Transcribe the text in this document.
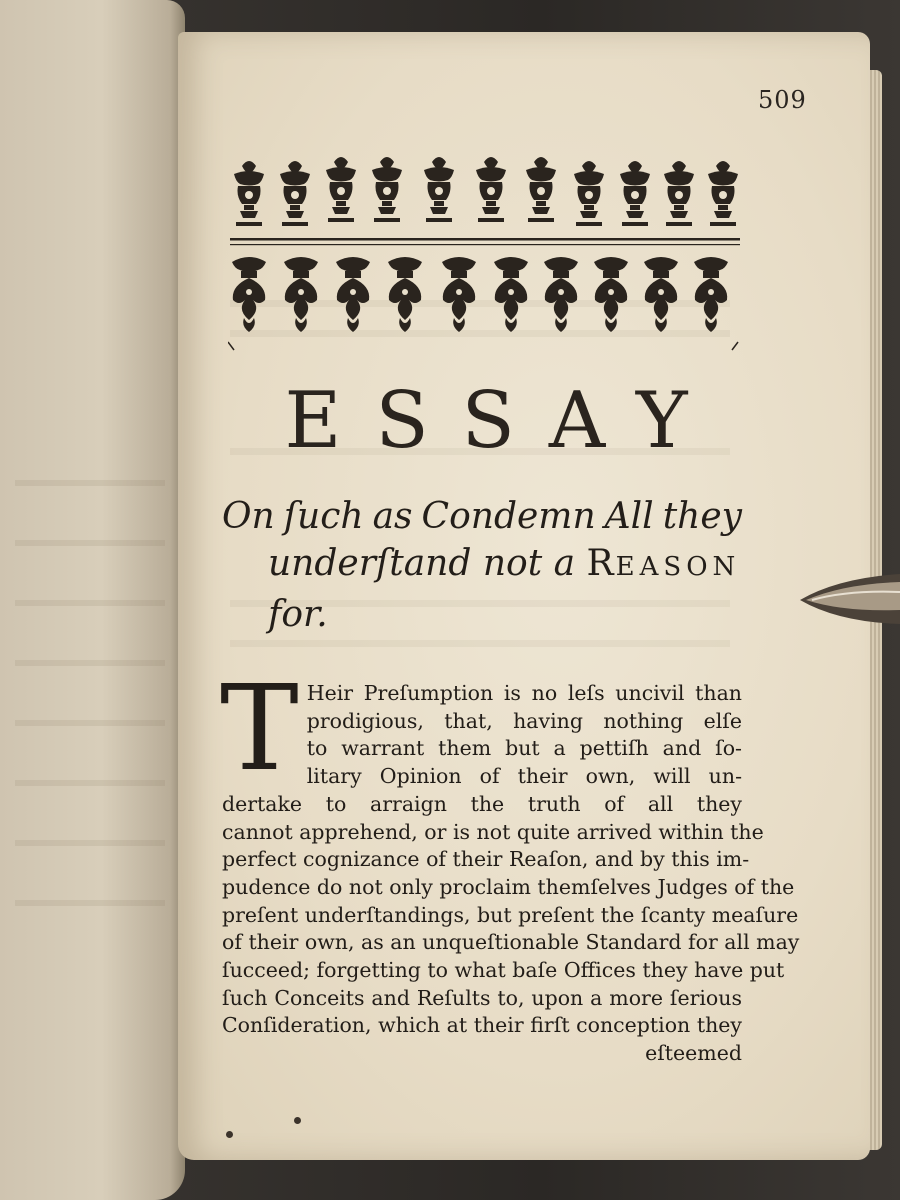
509
ESSAY
On ſuch as Condemn All they
underſtand not a REASON
for.
T Heir Preſumption is no leſs uncivil than
prodigious, that, having nothing elſe
to warrant them but a pettiſh and ſo-
litary Opinion of their own, will un-
dertake to arraign the truth of all they
cannot apprehend, or is not quite arrived within the
perfect cognizance of their Reaſon, and by this im-
pudence do not only proclaim themſelves Judges of the
preſent underſtandings, but preſent the ſcanty meaſure
of their own, as an unqueſtionable Standard for all may
ſucceed; forgetting to what baſe Offices they have put
ſuch Conceits and Reſults to, upon a more ſerious
Conſideration, which at their firſt conception they
eſteemed
